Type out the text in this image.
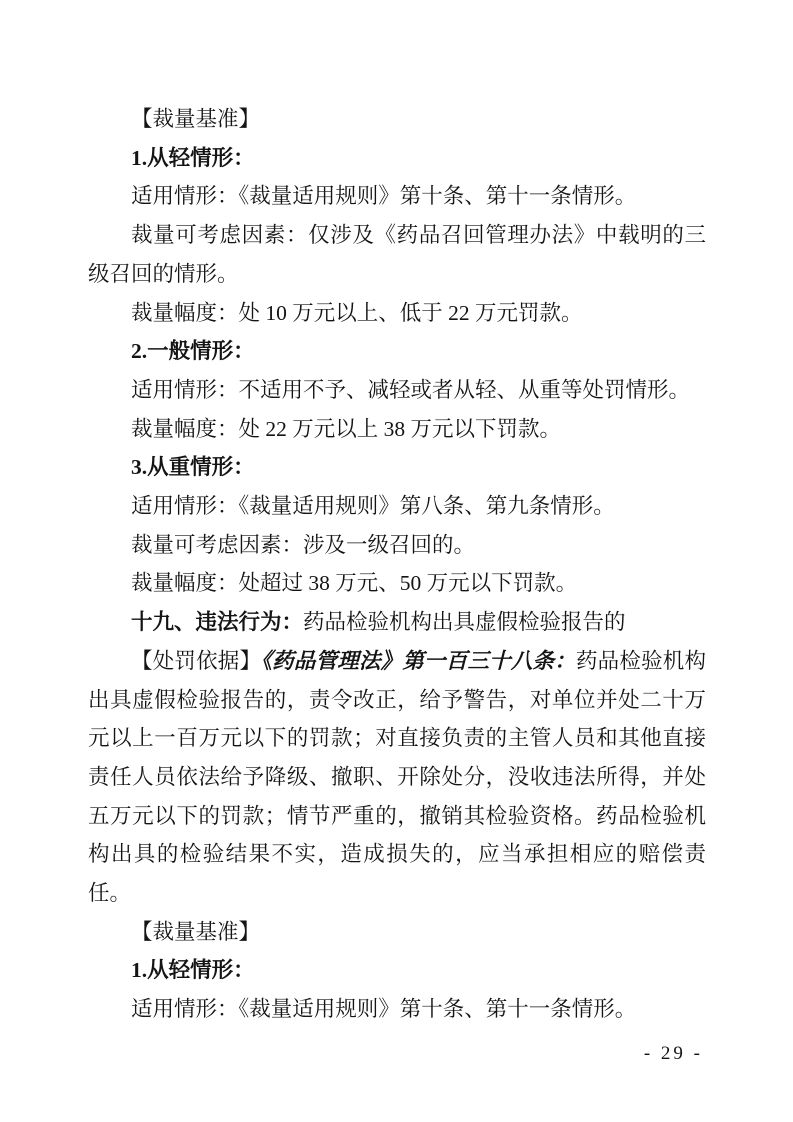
【裁量基准】
1.从轻情形：
适用情形：《裁量适用规则》第十条、第十一条情形。
裁量可考虑因素：仅涉及《药品召回管理办法》中载明的三级召回的情形。
裁量幅度：处 10 万元以上、低于 22 万元罚款。
2.一般情形：
适用情形：不适用不予、减轻或者从轻、从重等处罚情形。
裁量幅度：处 22 万元以上 38 万元以下罚款。
3.从重情形：
适用情形：《裁量适用规则》第八条、第九条情形。
裁量可考虑因素：涉及一级召回的。
裁量幅度：处超过 38 万元、50 万元以下罚款。
十九、违法行为：药品检验机构出具虚假检验报告的
【处罚依据】《药品管理法》第一百三十八条：药品检验机构出具虚假检验报告的，责令改正，给予警告，对单位并处二十万元以上一百万元以下的罚款；对直接负责的主管人员和其他直接责任人员依法给予降级、撤职、开除处分，没收违法所得，并处五万元以下的罚款；情节严重的，撤销其检验资格。药品检验机构出具的检验结果不实，造成损失的，应当承担相应的赔偿责任。
【裁量基准】
1.从轻情形：
适用情形：《裁量适用规则》第十条、第十一条情形。
- 29 -
